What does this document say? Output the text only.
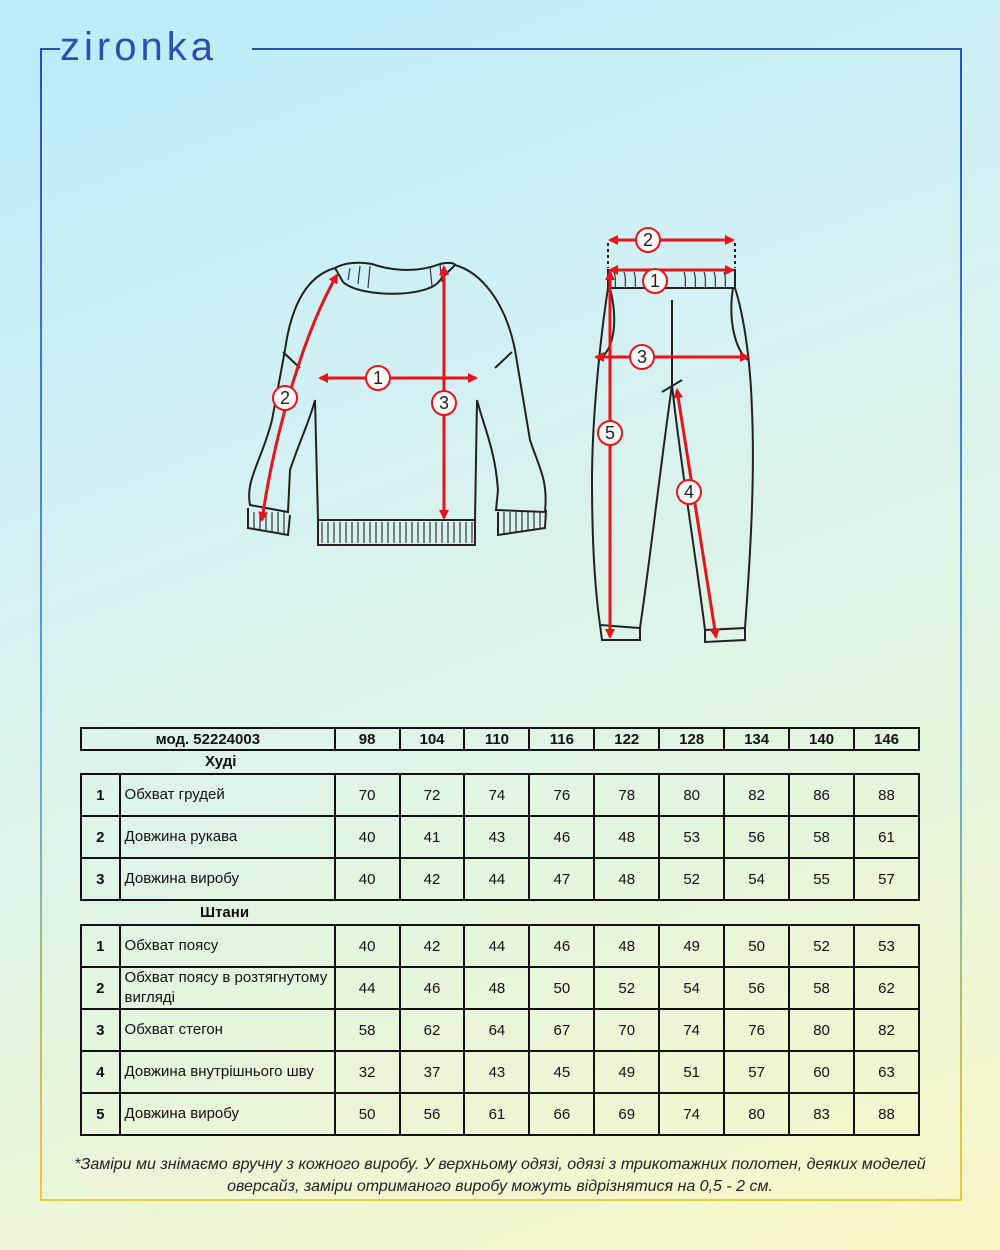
zironka
1
2	3
2
1
3
5
4
мод. 52224003	98	104	110	116	122	128	134	140	146
Худі
1	Обхват грудей	70	72	74	76	78	80	82	86	88
2	Довжина рукава	40	41	43	46	48	53	56	58	61
3	Довжина виробу	40	42	44	47	48	52	54	55	57
Штани
1	Обхват поясу	40	42	44	46	48	49	50	52	53
2	Обхват поясу в розтягнутому вигляді	44	46	48	50	52	54	56	58	62
3	Обхват стегон	58	62	64	67	70	74	76	80	82
4	Довжина внутрішнього шву	32	37	43	45	49	51	57	60	63
5	Довжина виробу	50	56	61	66	69	74	80	83	88
*Заміри ми знімаємо вручну з кожного виробу. У верхньому одязі, одязі з трикотажних полотен, деяких моделей оверсайз, заміри отриманого виробу можуть відрізнятися на 0,5 - 2 см.
